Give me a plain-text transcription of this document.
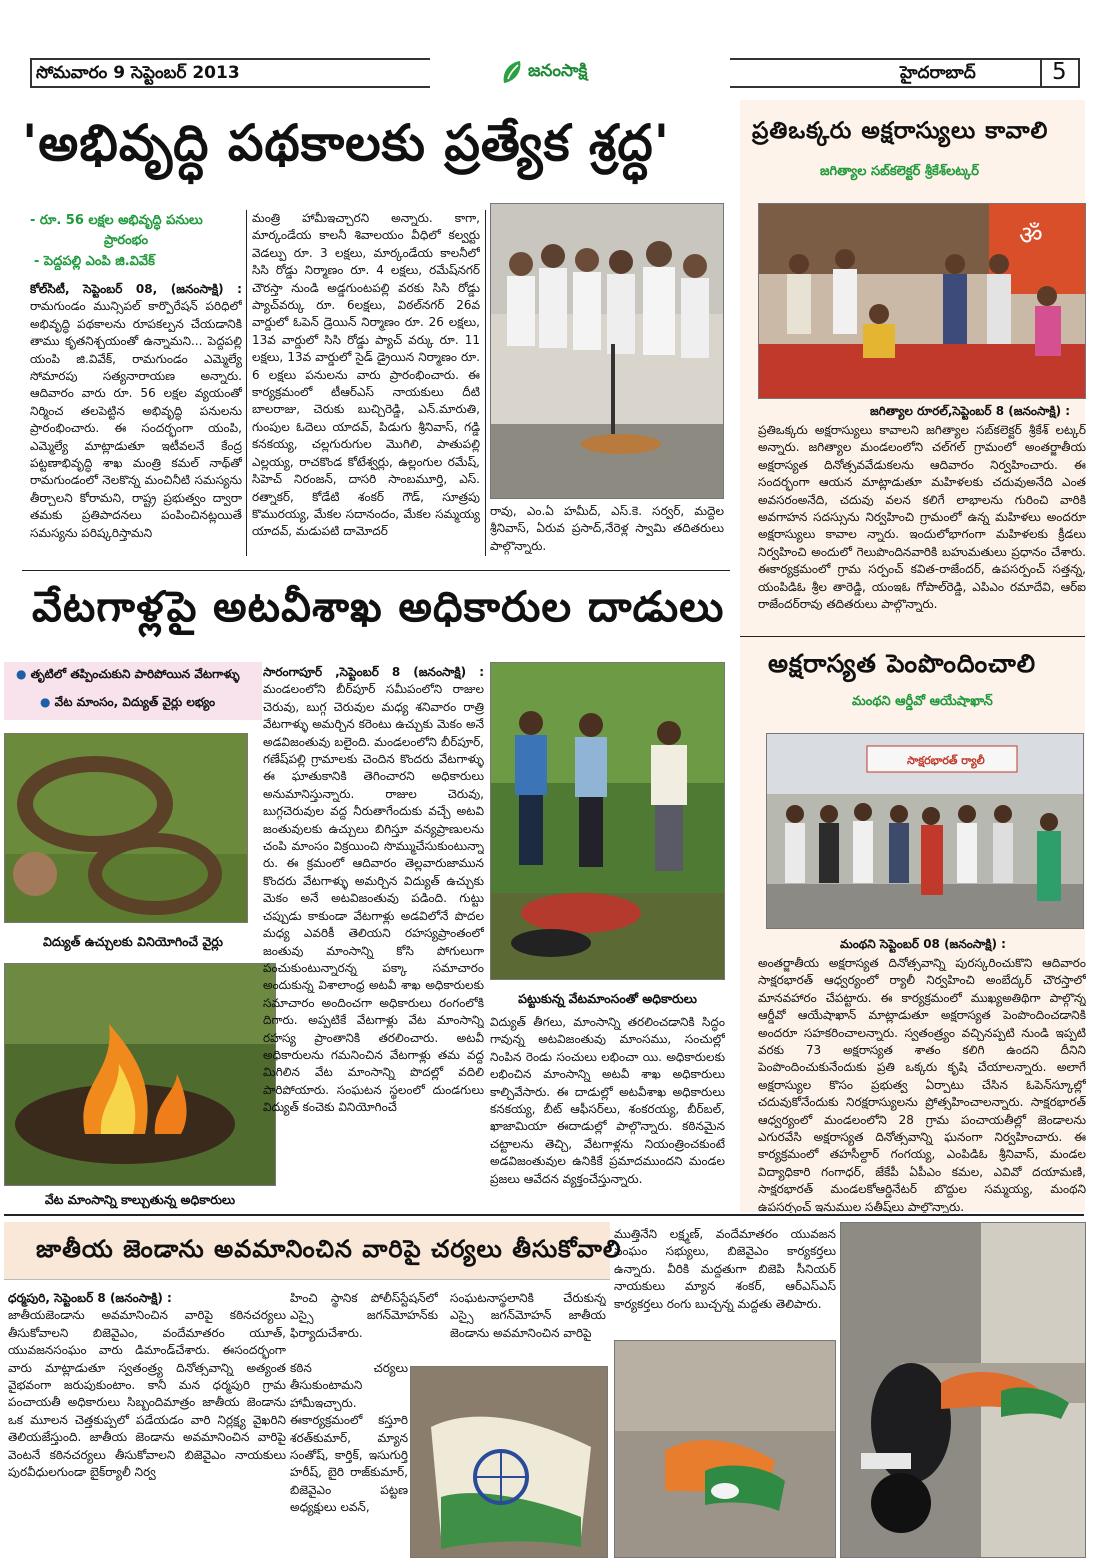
సోమవారం 9 సెప్టెంబర్ 2013	జనంసాక్షి	హైదరాబాద్	5
'అభివృద్ధి పథకాలకు ప్రత్యేక శ్రద్ధ'
- రూ. 56 లక్షల అభివృద్ధి పనులు
ప్రారంభం
- పెద్దపల్లి ఎంపి జి.వివేక్
కోల్‌సిటీ, సెప్టెంబర్ 08, (జనంసాక్షి) : రామగుండం మున్సిపల్ కార్పొరేషన్ పరిధిలో అభివృద్ధి పథకాలను రూపకల్పన చేయడానికి తాము కృతనిశ్చయంతో ఉన్నామని... పెద్దపల్లి యంపి జి.వివేక్, రామగుండం ఎమ్మెల్యే సోమారపు సత్యనారాయణ అన్నారు. ఆదివారం వారు రూ. 56 లక్షల వ్యయంతో నిర్మించ తలపెట్టిన అభివృద్ధి పనులను ప్రారంభించారు. ఈ సందర్భంగా యంపి, ఎమ్మెల్యే మాట్లాడుతూ ఇటీవలనే కేంద్ర పట్టణాభివృద్ధి శాఖ మంత్రి కమల్ నాథ్‌తో రామగుండంలో నెలకొన్న మంచినీటి సమస్యను తీర్చాలని కోరామని, రాష్ట్ర ప్రభుత్వం ద్వారా తమకు ప్రతిపాదనలు పంపించినట్లయితే సమస్యను పరిష్కరిస్తామని
మంత్రి హామీఇచ్చారని అన్నారు. కాగా, మార్కండేయ కాలనీ శివాలయం వీధిలో కల్వర్టు వెడల్పు రూ. 3 లక్షలు, మార్కండేయ కాలనీలో సిసి రోడ్డు నిర్మాణం రూ. 4 లక్షలు, రమేష్‌నగర్ చౌరస్తా నుండి అడ్డగుంటపల్లి వరకు సిసి రోడ్డు ప్యాచ్‌వర్కు రూ. 6లక్షలు, విఠల్‌నగర్ 26వ వార్డులో ఓపెన్ డ్రెయిన్ నిర్మాణం రూ. 26 లక్షలు, 13వ వార్డులో సిసి రోడ్డు ప్యాచ్ వర్కు రూ. 11 లక్షలు, 13వ వార్డులో సైడ్ డ్రైయిన నిర్మాణం రూ. 6 లక్షలు పనులను వారు ప్రారంభించారు. ఈ కార్యక్రమంలో టీఆర్‌ఎస్ నాయకులు దీటి బాలరాజు, చెరుకు బుచ్చిరెడ్డి, ఎన్.మారుతి, గుంపుల ఓదెలు యాదవ్, పిడుగు శ్రీనివాస్, గడ్డి కనకయ్య, చల్లగురుగుల మొగిలి, పాతుపల్లి ఎల్లయ్య, రాచకొండ కోటేశ్వర్లు, ఉల్లంగుల రమేష్, సిహెచ్ నిరంజన్, దాసరి సాంబమూర్తి, ఎస్. రత్నాకర్, కోడేటి శంకర్ గౌడ్, సూత్రపు కొమురయ్య, మేకల సదానందం, మేకల సమ్మయ్య యాదవ్, మడుపటి దామోదర్
రావు, ఎం.ఏ హమీద్, ఎస్.కె. సర్వర్, మద్దెల శ్రీనివాస్, ఏరువ ప్రసాద్,నేరెళ్ల స్వామి తదితరులు పాల్గొన్నారు.
ప్రతిఒక్కరు అక్షరాస్యులు కావాలి
జగిత్యాల సబ్‌కలెక్టర్ శ్రీకేశ్‌లట్కర్
ॐ
జగిత్యాల రూరల్,సెప్టెంబర్ 8 (జనంసాక్షి) :
ప్రతిఒక్కరు అక్షరాస్యులు కావాలని జగిత్యాల సబ్‌కలెక్టర్ శ్రీకేశ్ లట్కర్ అన్నారు. జగిత్యాల మండలంలోని చల్‌గల్ గ్రామంలో అంతర్జాతీయ అక్షరాస్యత దినోత్సవవేడుకలను ఆదివారం నిర్వహించారు. ఈ సందర్భంగా ఆయన మాట్లాడుతూ మహిళలకు చదువుఅనేది ఎంత అవసరంఅనేది, చదువు వలన కలిగే లాభాలను గురించి వారికి అవగాహన సదస్సును నిర్వహించి గ్రామంలో ఉన్న మహిళలు అందరూ అక్షరాస్యులు కావాల న్నారు. ఇందులోభాగంగా మహిళలకు క్రీడలు నిర్వహించి అందులో గెలుపొందినవారికి బహుమతులు ప్రధానం చేశారు. ఈకార్యక్రమంలో గ్రామ సర్పంచ్ కవిత-రాజేందర్, ఉపసర్పంచ్ సత్తన్న, యంపిడిఓ శ్రీల తారెడ్డి, యంఇఓ గోపాల్‌రెడ్డి, ఎపిఎం రమాదేవి, ఆర్‌ఐ రాజేందర్‌రావు తదితరులు పాల్గొన్నారు.
అక్షరాస్యత పెంపొందించాలి
మంథని ఆర్డీవో ఆయేషాఖాన్
సాక్షరభారత్ ర్యాలీ
మంథని సెప్టెంబర్ 08 (జనంసాక్షి) :
అంతర్జాతీయ అక్షరాస్యత దినోత్సవాన్ని పురస్కరించుకొని ఆదివారం సాక్షరభారత్ ఆధ్వర్యంలో ర్యాలీ నిర్వహించి అంబేద్కర్ చౌరస్తాలో మానవహారం చేపట్టారు. ఈ కార్యక్రమంలో ముఖ్యఅతిథిగా పాల్గొన్న ఆర్డీవో ఆయేషాఖాన్ మాట్లాడుతూ అక్షరాస్యత పెంపొందించడానికి అందరూ సహకరించాలన్నారు. స్వతంత్ర్యం వచ్చినప్పటి నుండి ఇప్పటి వరకు 73 అక్షరాస్యత శాతం కలిగి ఉందని దీనిని పెంపొందించుకునేందుకు ప్రతి ఒక్కరు కృషి చేయాలన్నారు. అలాగే అక్షరాస్యుల కొసం ప్రభుత్వ ఏర్పాటు చేసిన ఓపెన్‌స్కూల్లో చదువుకోనేందుకు నిరక్షరాస్యులను ప్రోత్సహించాలన్నారు. సాక్షరభారత్ ఆధ్వర్యంలో మండలంలోని 28 గ్రామ పంచాయతీల్లో జెండాలను ఎగురవేసి అక్షరాస్యత దినోత్సవాన్ని ఘనంగా నిర్వహించారు. ఈ కార్యక్రమంలో తహసీల్దార్ గంగయ్య, ఎంపిడిఓ శ్రీనివాస్, మండల విద్యాధికారి గంగాధర్, జేకేపీ ఏపీఎం కమల, ఎవివో దయామణి, సాక్షరభారత్ మండలకోఆర్డినేటర్ బొద్దుల సమ్మయ్య, మంథని ఉపసర్పంచ్ ఇనుముల సతీష్‌లు పాల్గొన్నారు.
వేటగాళ్లపై అటవీశాఖ అధికారుల దాడులు
● తృటిలో తప్పించుకుని పారిపోయిన వేటగాళ్ళు
● వేట మాంసం, విద్యుత్ వైర్లు లభ్యం
విద్యుత్ ఉచ్చులకు వినియోగించే వైర్లు
వేట మాంసాన్ని కాల్చుతున్న అధికారులు
సారంగాపూర్ ,సెప్టెంబర్ 8 (జనంసాక్షి) : మండలంలోని బీర్‌పూర్ సమీపంలోని రాజుల చెరువు, బుగ్గ చెరువుల మధ్య శనివారం రాత్రి వేటగాళ్ళు అమర్చిన కరెంటు ఉచ్చుకు మెకం అనే అడవిజంతువు బలైంది. మండలంలోని బీర్‌పూర్, గణేష్‌పల్లి గ్రామాలకు చెందిన కొందరు వేటగాళ్ళు ఈ ఘాతుకానికి తెగించారని అధికారులు అనుమానిస్తున్నారు. రాజుల చెరువు, బుగ్గచెరువుల వద్ద నీరుతాగేందుకు వచ్చే అటవి జంతువులకు ఉచ్చులు బిగిస్తూ వన్యప్రాణులను చంపి మాంసం విక్రయించి సొమ్ముచేసుకుంటున్నా రు. ఈ క్రమంలో ఆదివారం తెల్లవారుజామున కొందరు వేటగాళ్ళు అమర్చిన విద్యుత్ ఉచ్చుకు మెకం అనే అటవిజంతువు పడింది. గుట్టు చప్పుడు కాకుండా వేటగాళ్లు అడవిలోనే పొదల మధ్య ఎవరికీ తెలియని రహస్యప్రాంతంలో జంతువు మాంసాన్ని కోసి పోగులుగా పంచుకుంటున్నారన్న పక్కా సమాచారం అందుకున్న విశాలాంధ్ర అటవీ శాఖ అధికారులకు సమాచారం అందించగా అధికారులు రంగంలోకి దిగారు. అప్పటికే వేటగాళ్లు వేట మాంసాన్ని రహస్య ప్రాంతానికి తరలించారు. అటవీ అధికారులను గమనించిన వేటగాళ్లు తమ వద్ద మిగిలిన వేట మాంసాన్ని పొదల్లో వదిలి పారిపోయారు. సంఘటన స్థలంలో దుండగులు విద్యుత్ కంచెకు వినియోగించే
పట్టుకున్న వేటమాంసంతో అధికారులు
విద్యుత్ తీగలు, మాంసాన్ని తరలించడానికి సిద్ధం గావున్న అటవిజంతువు మాంసము, సంచుల్లో నింపిన రెండు సంచులు లభించా యి. అధికారులకు లభించిన మాంసాన్ని అటవీ శాఖ అధికారులు కాల్చివేసారు. ఈ దాడుల్లో అటవీశాఖ అధికారులు కనకయ్య, బీట్ ఆఫీసర్‌లు, శంకరయ్య, బీర్‌బల్, ఖాజామియా ఈదాడుల్లో పాల్గొన్నారు. కఠినమైన చట్టాలను తెచ్చి, వేటగాళ్లను నియంత్రించకుంటే అడవిజంతువుల ఉనికికే ప్రమాదముందని మండల ప్రజలు ఆవేదన వ్యక్తంచేస్తున్నారు.
జాతీయ జెండాను అవమానించిన వారిపై చర్యలు తీసుకోవాలి
ధర్మపురి, సెప్టెంబర్ 8 (జనంసాక్షి) :
జాతీయజెండాను అవమానించిన వారిపై కఠినచర్యలు తీసుకోవాలని బిజెవైఎం, వందేమాతరం యూత్, యువజనసంఘం వారు డిమాండ్‌చేశారు. ఈసందర్భంగా వారు మాట్లాడుతూ స్వతంత్ర్య దినోత్సవాన్ని అత్యంత వైభవంగా జరుపుకుంటాం. కానీ మన ధర్మపురి గ్రామ పంచాయతీ అధికారులు సిబ్బందిమాత్రం జాతీయ జెండాను ఒక మూలన చెత్తకుప్పలో పడేయడం వారి నిర్లక్ష్య వైఖరిని తెలియజేస్తుంది. జాతీయ జెండాను అవమానించిన వారిపై వెంటనే కఠినచర్యలు తీసుకోవాలని బిజెవైఎం నాయకులు పురవీధులగుండా బైక్‌ర్యాలీ నిర్వ
హించి స్థానిక పోలీస్‌స్టేషన్‌లో ఎస్సై జగన్‌మోహన్‌కు ఫిర్యాదుచేశారు.
సంఘటనాస్థలానికి చేరుకున్న ఎస్సై జగన్‌మోహన్ జాతీయ జెండాను అవమానించిన వారిపై
కఠిన చర్యలు తీసుకుంటామని హామీఇచ్చారు. ఈకార్యక్రమంలో కస్తూరి శరత్‌కుమార్, మ్యాన సంతోష్, కార్తిక్, ఇసుగుర్తి హరీష్, బైరి రాజ్‌కుమార్, బిజెవైఎం పట్టణ అధ్యక్షులు లవన్,
ముత్తినేని లక్ష్మణ్, వందేమాతరం యువజన సంఘం సభ్యులు, బిజెవైఎం కార్యకర్తలు ఉన్నారు. వీరికి మద్దతుగా బిజెపి సీనియర్ నాయకులు మ్యాన శంకర్, ఆర్‌ఎస్‌ఎస్ కార్యకర్తలు రంగు బుచ్చన్న మద్దతు తెలిపారు.
